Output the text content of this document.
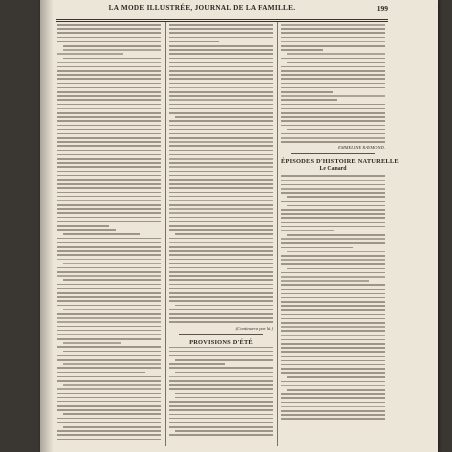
LA MODE ILLUSTRÉE, JOURNAL DE LA FAMILLE.	199
(Continuera par là.)
PROVISIONS D'ÉTÉ
EMMELINE RAYMOND.
ÉPISODES D'HISTOIRE NATURELLE
Le Canard
